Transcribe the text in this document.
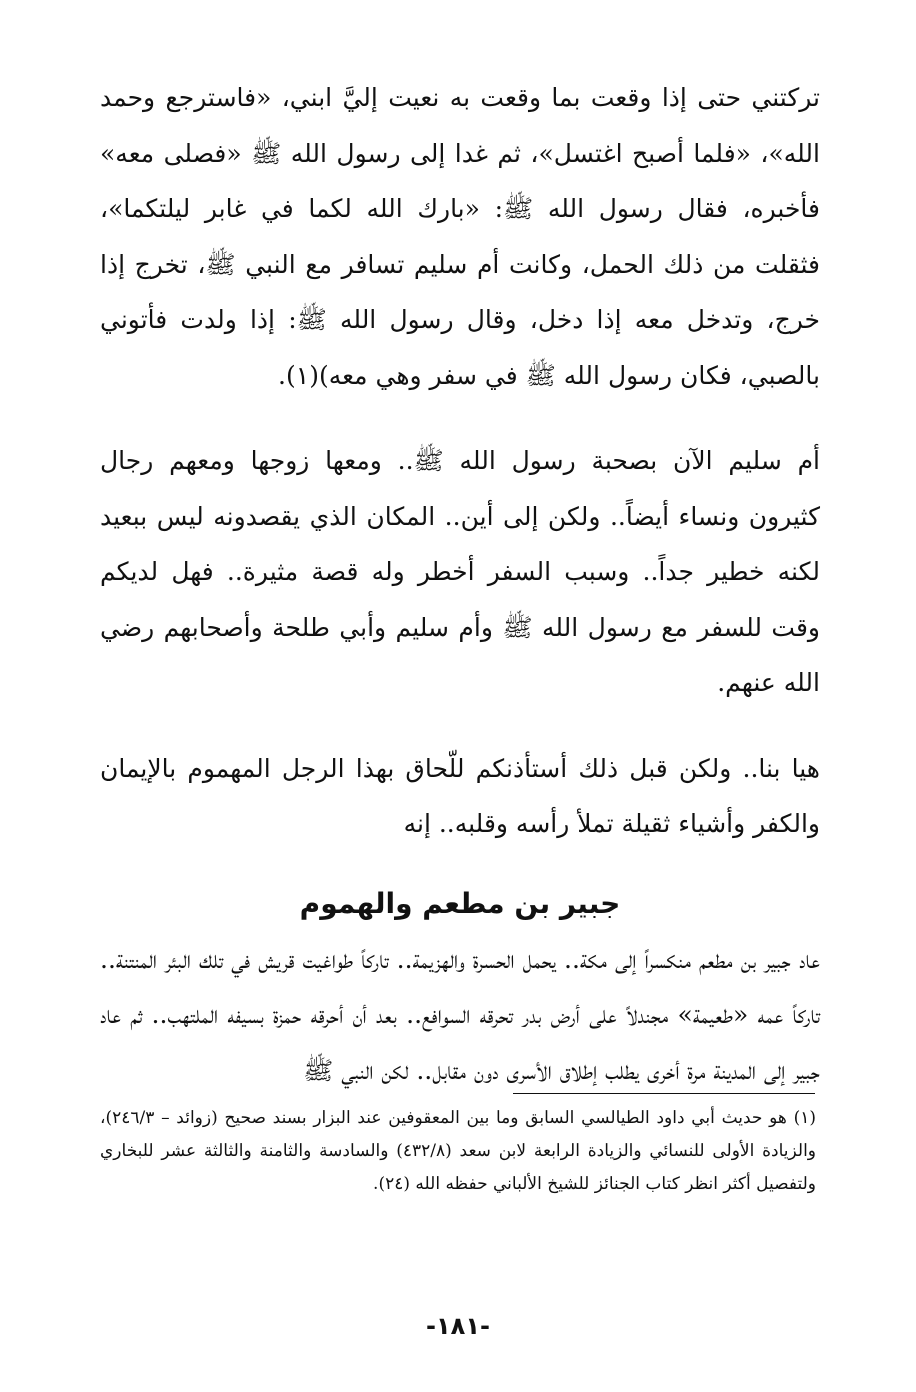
تركتني حتى إذا وقعت بما وقعت به نعيت إليَّ ابني، «فاسترجع وحمد الله»، «فلما أصبح اغتسل»، ثم غدا إلى رسول الله ﷺ «فصلى معه» فأخبره، فقال رسول الله ﷺ: «بارك الله لكما في غابر ليلتكما»، فثقلت من ذلك الحمل، وكانت أم سليم تسافر مع النبي ﷺ، تخرج إذا خرج، وتدخل معه إذا دخل، وقال رسول الله ﷺ: إذا ولدت فأتوني بالصبي، فكان رسول الله ﷺ في سفر وهي معه)(١).

أم سليم الآن بصحبة رسول الله ﷺ.. ومعها زوجها ومعهم رجال كثيرون ونساء أيضاً.. ولكن إلى أين.. المكان الذي يقصدونه ليس ببعيد لكنه خطير جداً.. وسبب السفر أخطر وله قصة مثيرة.. فهل لديكم وقت للسفر مع رسول الله ﷺ وأم سليم وأبي طلحة وأصحابهم رضي الله عنهم.

هيا بنا.. ولكن قبل ذلك أستأذنكم للّحاق بهذا الرجل المهموم بالإيمان والكفر وأشياء ثقيلة تملأ رأسه وقلبه.. إنه

جبير بن مطعم والهموم

عاد جبير بن مطعم منكسراً إلى مكة.. يحمل الحسرة والهزيمة.. تاركاً طواغيت قريش في تلك البئر المنتنة.. تاركاً عمه «طعيمة» مجندلاً على أرض بدر تحرقه السوافع.. بعد أن أحرقه حمزة بسيفه الملتهب.. ثم عاد جبير إلى المدينة مرة أخرى يطلب إطلاق الأسرى دون مقابل.. لكن النبي ﷺ

(١) هو حديث أبي داود الطيالسي السابق وما بين المعقوفين عند البزار بسند صحيح (زوائد – ٢٤٦/٣)، والزيادة الأولى للنسائي والزيادة الرابعة لابن سعد (٤٣٢/٨) والسادسة والثامنة والثالثة عشر للبخاري ولتفصيل أكثر انظر كتاب الجنائز للشيخ الألباني حفظه الله (٢٤).

-١٨١-
